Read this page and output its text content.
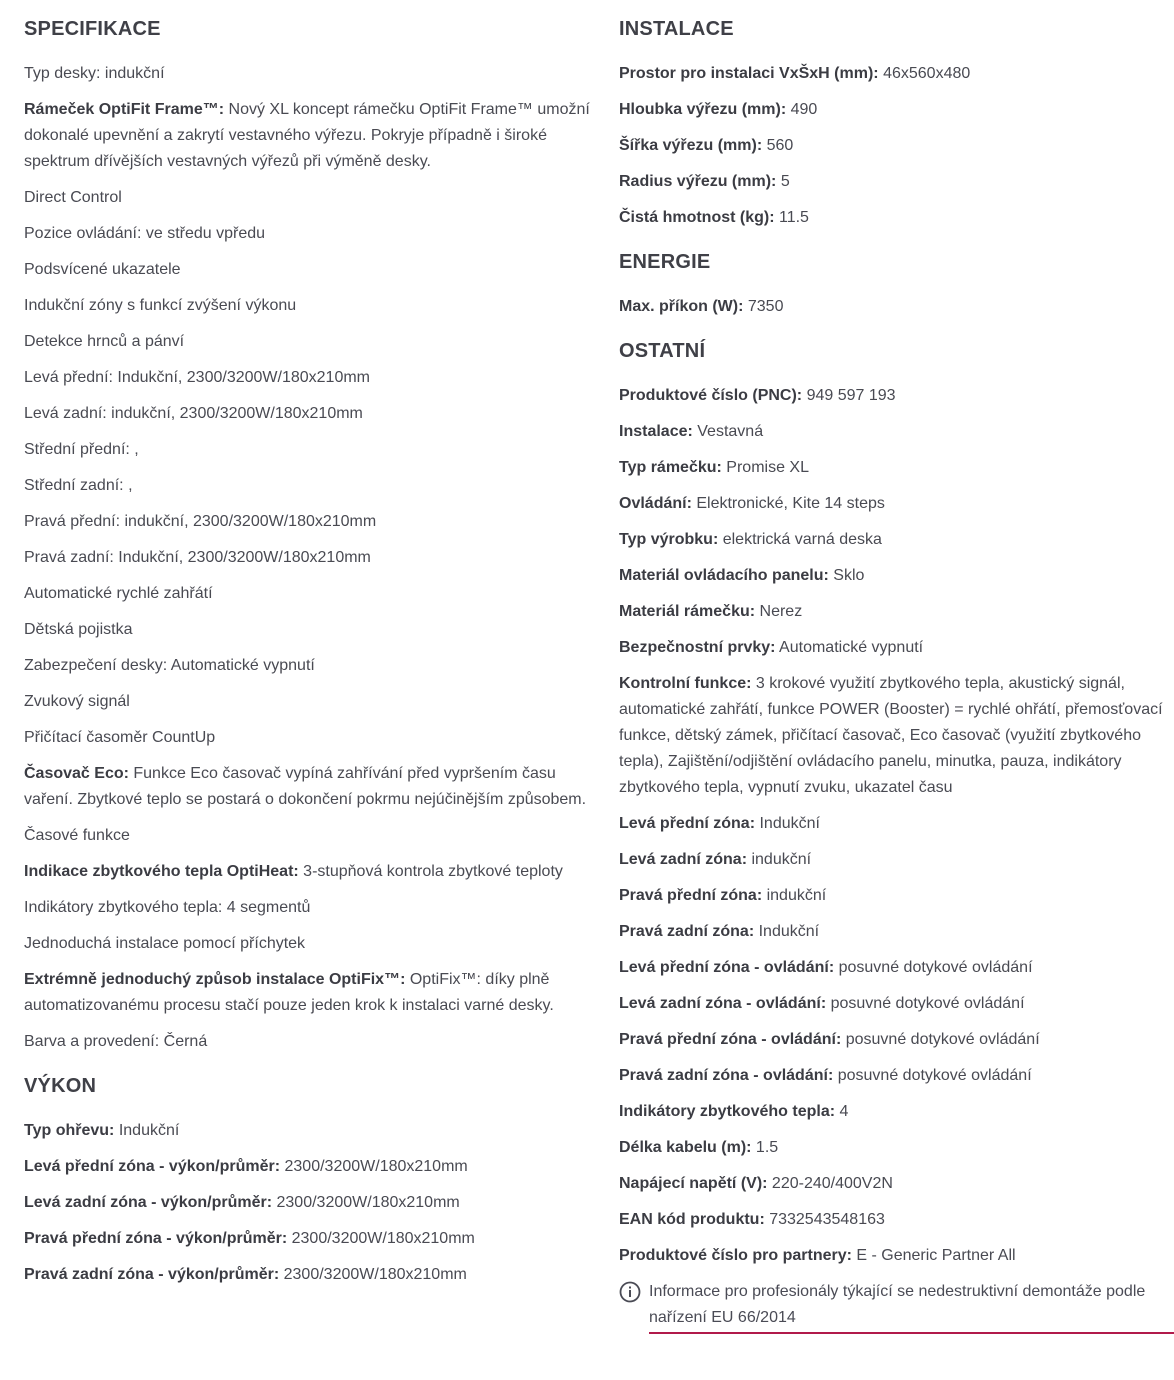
SPECIFIKACE
Typ desky: indukční
Rámeček OptiFit Frame™: Nový XL koncept rámečku OptiFit Frame™ umožní dokonalé upevnění a zakrytí vestavného výřezu. Pokryje případně i široké spektrum dřívějších vestavných výřezů při výměně desky.
Direct Control
Pozice ovládání: ve středu vpředu
Podsvícené ukazatele
Indukční zóny s funkcí zvýšení výkonu
Detekce hrnců a pánví
Levá přední: Indukční, 2300/3200W/180x210mm
Levá zadní: indukční, 2300/3200W/180x210mm
Střední přední: ,
Střední zadní: ,
Pravá přední: indukční, 2300/3200W/180x210mm
Pravá zadní: Indukční, 2300/3200W/180x210mm
Automatické rychlé zahřátí
Dětská pojistka
Zabezpečení desky: Automatické vypnutí
Zvukový signál
Přičítací časoměr CountUp
Časovač Eco: Funkce Eco časovač vypíná zahřívání před vypršením času vaření. Zbytkové teplo se postará o dokončení pokrmu nejúčinějším způsobem.
Časové funkce
Indikace zbytkového tepla OptiHeat: 3-stupňová kontrola zbytkové teploty
Indikátory zbytkového tepla: 4 segmentů
Jednoduchá instalace pomocí příchytek
Extrémně jednoduchý způsob instalace OptiFix™: OptiFix™: díky plně automatizovanému procesu stačí pouze jeden krok k instalaci varné desky.
Barva a provedení: Černá
VÝKON
Typ ohřevu: Indukční
Levá přední zóna - výkon/průměr: 2300/3200W/180x210mm
Levá zadní zóna - výkon/průměr: 2300/3200W/180x210mm
Pravá přední zóna - výkon/průměr: 2300/3200W/180x210mm
Pravá zadní zóna - výkon/průměr: 2300/3200W/180x210mm
INSTALACE
Prostor pro instalaci VxŠxH (mm): 46x560x480
Hloubka výřezu (mm): 490
Šířka výřezu (mm): 560
Radius výřezu (mm): 5
Čistá hmotnost (kg): 11.5
ENERGIE
Max. příkon (W): 7350
OSTATNÍ
Produktové číslo (PNC): 949 597 193
Instalace: Vestavná
Typ rámečku: Promise XL
Ovládání: Elektronické, Kite 14 steps
Typ výrobku: elektrická varná deska
Materiál ovládacího panelu: Sklo
Materiál rámečku: Nerez
Bezpečnostní prvky: Automatické vypnutí
Kontrolní funkce: 3 krokové využití zbytkového tepla, akustický signál, automatické zahřátí, funkce POWER (Booster) = rychlé ohřátí, přemosťovací funkce, dětský zámek, přičítací časovač, Eco časovač (využití zbytkového tepla), Zajištění/odjištění ovládacího panelu, minutka, pauza, indikátory zbytkového tepla, vypnutí zvuku, ukazatel času
Levá přední zóna: Indukční
Levá zadní zóna: indukční
Pravá přední zóna: indukční
Pravá zadní zóna: Indukční
Levá přední zóna - ovládání: posuvné dotykové ovládání
Levá zadní zóna - ovládání: posuvné dotykové ovládání
Pravá přední zóna - ovládání: posuvné dotykové ovládání
Pravá zadní zóna - ovládání: posuvné dotykové ovládání
Indikátory zbytkového tepla: 4
Délka kabelu (m): 1.5
Napájecí napětí (V): 220-240/400V2N
EAN kód produktu: 7332543548163
Produktové číslo pro partnery: E - Generic Partner All
Informace pro profesionály týkající se nedestruktivní demontáže podle nařízení EU 66/2014
